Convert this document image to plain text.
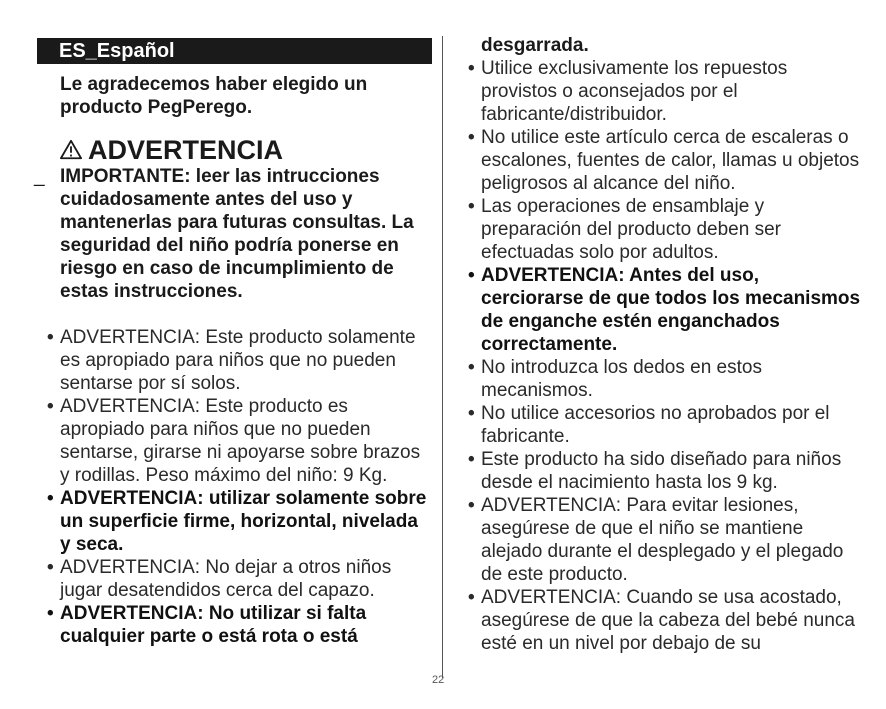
ES_Español
Le agradecemos haber elegido un producto PegPerego.
ADVERTENCIA
_ IMPORTANTE: leer las intrucciones cuidadosamente antes del uso y mantenerlas para futuras consultas. La seguridad del niño podría ponerse en riesgo en caso de incumplimiento de estas instrucciones.
• ADVERTENCIA: Este producto solamente es apropiado para niños que no pueden sentarse por sí solos.
• ADVERTENCIA: Este producto es apropiado para niños que no pueden sentarse, girarse ni apoyarse sobre brazos y rodillas. Peso máximo del niño: 9 Kg.
• ADVERTENCIA: utilizar solamente sobre un superficie firme, horizontal, nivelada y seca.
• ADVERTENCIA: No dejar a otros niños jugar desatendidos cerca del capazo.
• ADVERTENCIA: No utilizar si falta cualquier parte o está rota o está
desgarrada.
• Utilice exclusivamente los repuestos provistos o aconsejados por el fabricante/distribuidor.
• No utilice este artículo cerca de escaleras o escalones, fuentes de calor, llamas u objetos peligrosos al alcance del niño.
• Las operaciones de ensamblaje y preparación del producto deben ser efectuadas solo por adultos.
• ADVERTENCIA: Antes del uso, cerciorarse de que todos los mecanismos de enganche estén enganchados correctamente.
• No introduzca los dedos en estos mecanismos.
• No utilice accesorios no aprobados por el fabricante.
• Este producto ha sido diseñado para niños desde el nacimiento hasta los 9 kg.
• ADVERTENCIA: Para evitar lesiones, asegúrese de que el niño se mantiene alejado durante el desplegado y el plegado de este producto.
• ADVERTENCIA: Cuando se usa acostado, asegúrese de que la cabeza del bebé nunca esté en un nivel por debajo de su
22
